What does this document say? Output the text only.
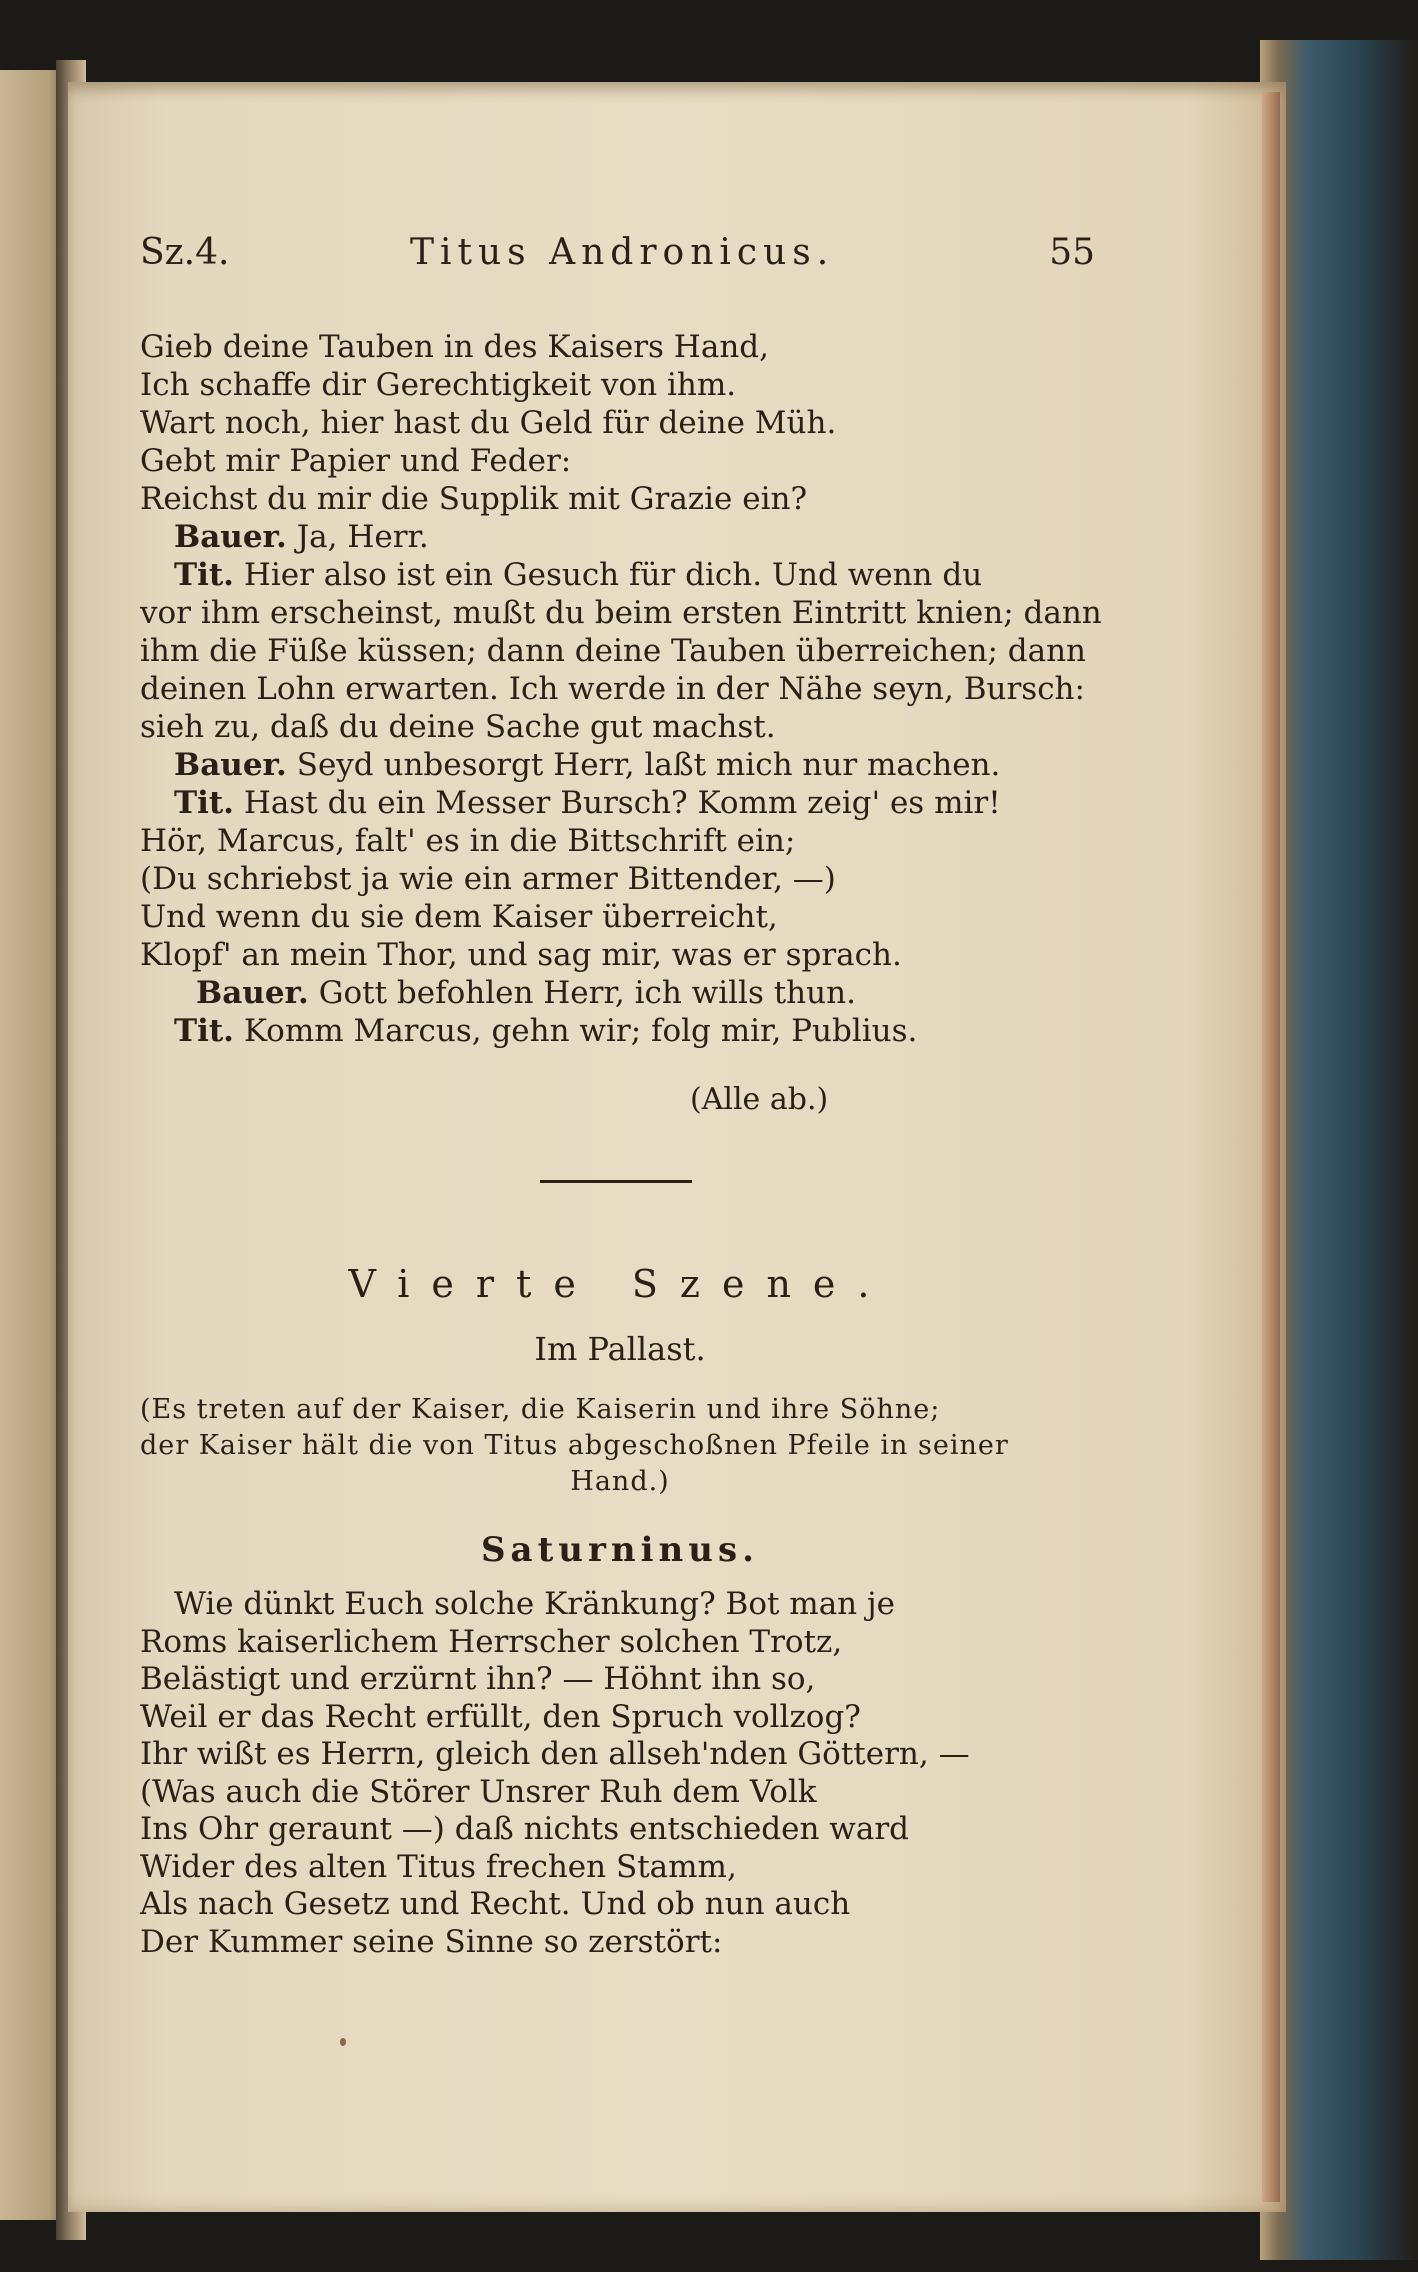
Sz.4.	Titus Andronicus.	55
Gieb deine Tauben in des Kaisers Hand,
Ich schaffe dir Gerechtigkeit von ihm.
Wart noch, hier hast du Geld für deine Müh.
Gebt mir Papier und Feder:
Reichst du mir die Supplik mit Grazie ein?
Bauer. Ja, Herr.
Tit. Hier also ist ein Gesuch für dich. Und wenn du
vor ihm erscheinst, mußt du beim ersten Eintritt knien; dann
ihm die Füße küssen; dann deine Tauben überreichen; dann
deinen Lohn erwarten. Ich werde in der Nähe seyn, Bursch:
sieh zu, daß du deine Sache gut machst.
Bauer. Seyd unbesorgt Herr, laßt mich nur machen.
Tit. Hast du ein Messer Bursch? Komm zeig' es mir!
Hör, Marcus, falt' es in die Bittschrift ein;
(Du schriebst ja wie ein armer Bittender, —)
Und wenn du sie dem Kaiser überreicht,
Klopf' an mein Thor, und sag mir, was er sprach.
Bauer. Gott befohlen Herr, ich wills thun.
Tit. Komm Marcus, gehn wir; folg mir, Publius.
(Alle ab.)
Vierte Szene.
Im Pallast.
(Es treten auf der Kaiser, die Kaiserin und ihre Söhne;
der Kaiser hält die von Titus abgeschoßnen Pfeile in seiner
Hand.)
Saturninus.
Wie dünkt Euch solche Kränkung? Bot man je
Roms kaiserlichem Herrscher solchen Trotz,
Belästigt und erzürnt ihn? — Höhnt ihn so,
Weil er das Recht erfüllt, den Spruch vollzog?
Ihr wißt es Herrn, gleich den allseh'nden Göttern, —
(Was auch die Störer Unsrer Ruh dem Volk
Ins Ohr geraunt —) daß nichts entschieden ward
Wider des alten Titus frechen Stamm,
Als nach Gesetz und Recht. Und ob nun auch
Der Kummer seine Sinne so zerstört:
